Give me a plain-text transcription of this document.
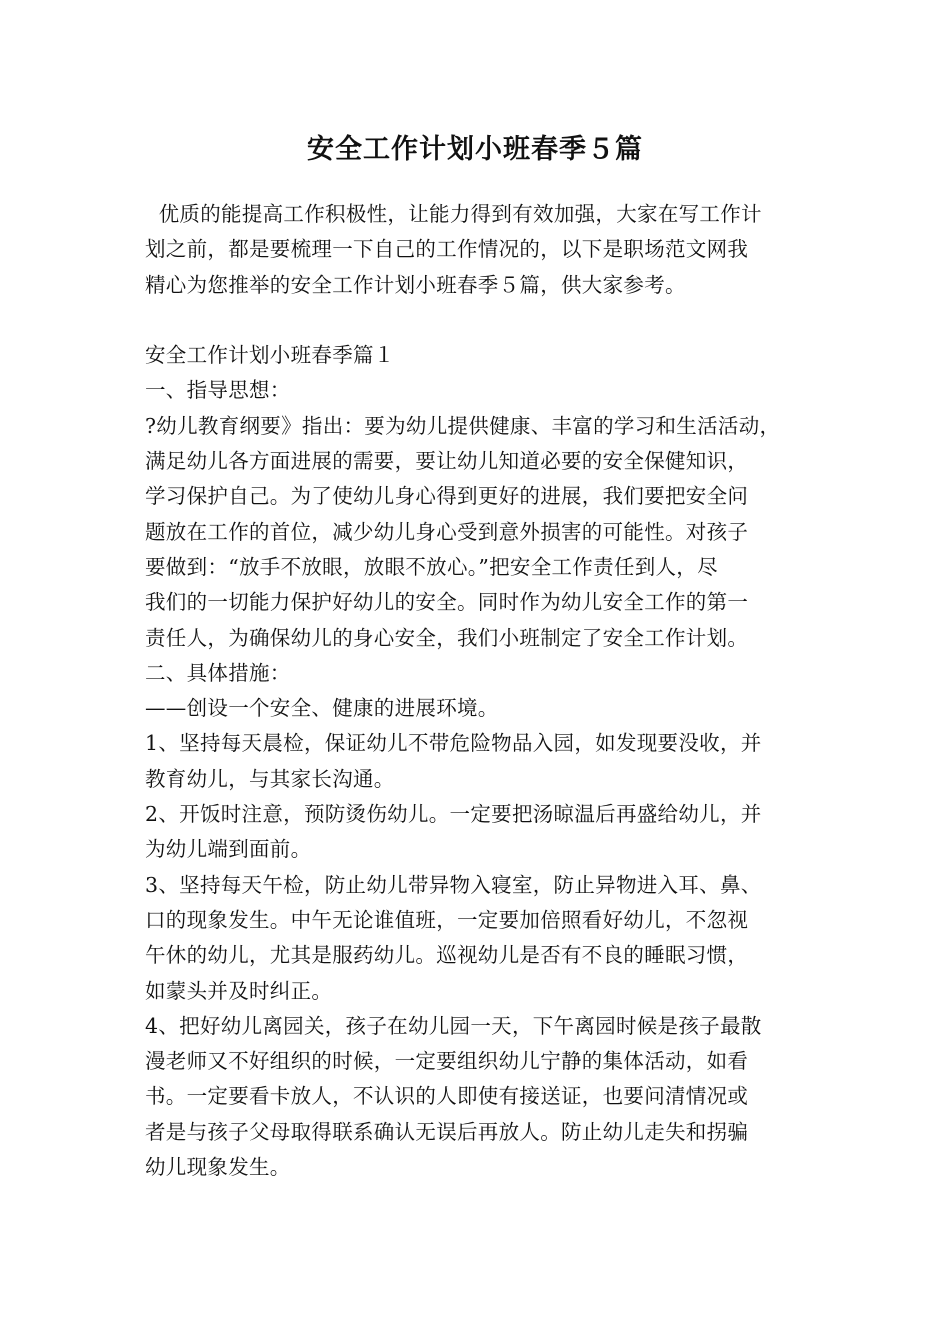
安全工作计划小班春季５篇
优质的能提高工作积极性，让能力得到有效加强，大家在写工作计
划之前，都是要梳理一下自己的工作情况的，以下是职场范文网我
精心为您推举的安全工作计划小班春季５篇，供大家参考。
安全工作计划小班春季篇１
一、指导思想：
?幼儿教育纲要》指出：要为幼儿提供健康、丰富的学习和生活活动，
满足幼儿各方面进展的需要，要让幼儿知道必要的安全保健知识，
学习保护自己。为了使幼儿身心得到更好的进展，我们要把安全问
题放在工作的首位，减少幼儿身心受到意外损害的可能性。对孩子
要做到：“放手不放眼，放眼不放心。”把安全工作责任到人，尽
我们的一切能力保护好幼儿的安全。同时作为幼儿安全工作的第一
责任人，为确保幼儿的身心安全，我们小班制定了安全工作计划。
二、具体措施：
——创设一个安全、健康的进展环境。
1、坚持每天晨检，保证幼儿不带危险物品入园，如发现要没收，并
教育幼儿，与其家长沟通。
2、开饭时注意，预防烫伤幼儿。一定要把汤晾温后再盛给幼儿，并
为幼儿端到面前。
3、坚持每天午检，防止幼儿带异物入寝室，防止异物进入耳、鼻、
口的现象发生。中午无论谁值班，一定要加倍照看好幼儿，不忽视
午休的幼儿，尤其是服药幼儿。巡视幼儿是否有不良的睡眠习惯，
如蒙头并及时纠正。
4、把好幼儿离园关，孩子在幼儿园一天，下午离园时候是孩子最散
漫老师又不好组织的时候，一定要组织幼儿宁静的集体活动，如看
书。一定要看卡放人，不认识的人即使有接送证，也要问清情况或
者是与孩子父母取得联系确认无误后再放人。防止幼儿走失和拐骗
幼儿现象发生。
